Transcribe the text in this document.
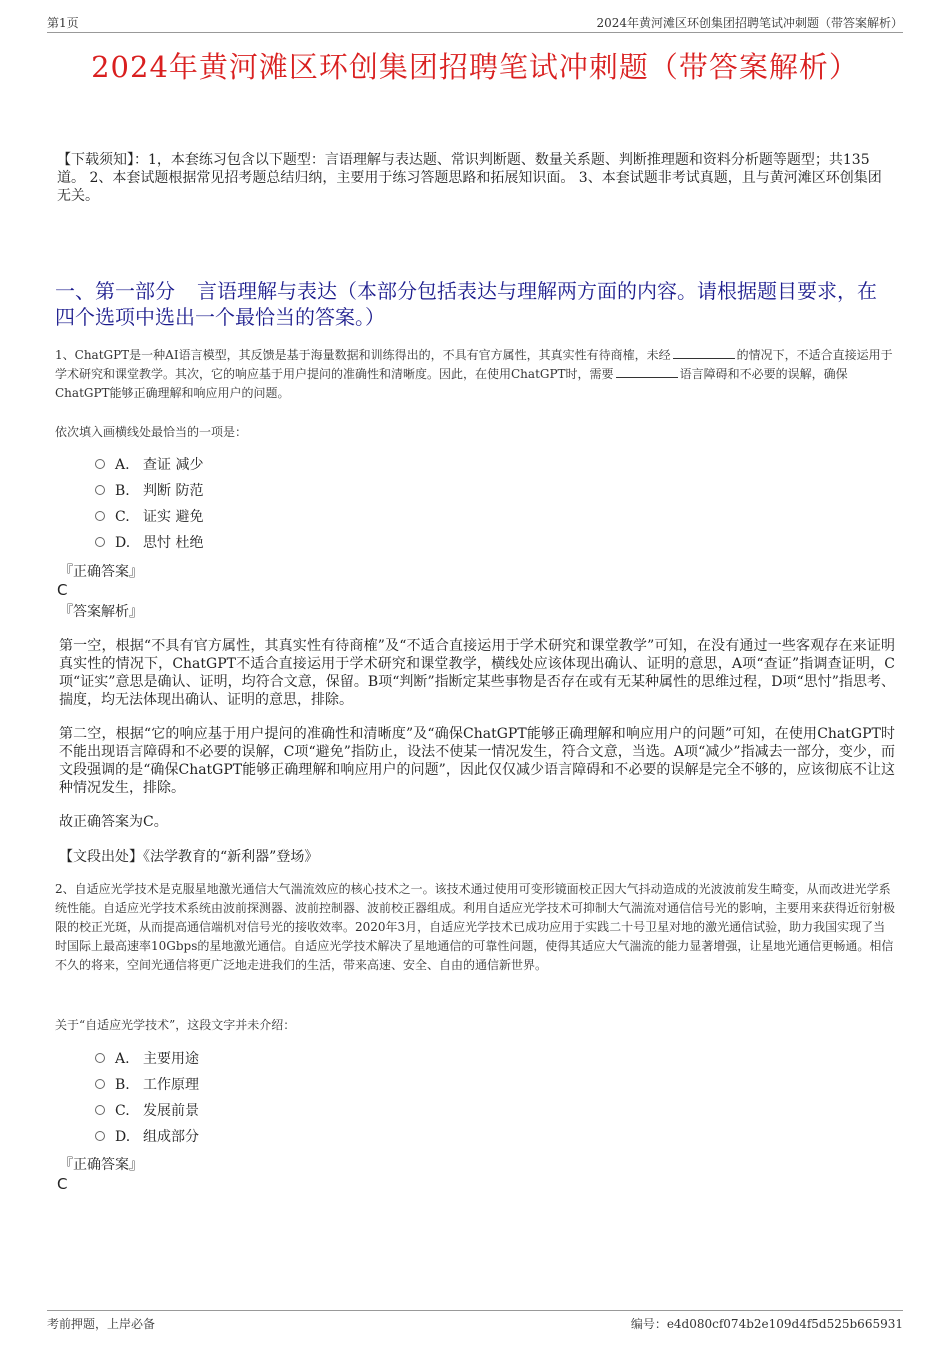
第1页	2024年黄河滩区环创集团招聘笔试冲刺题（带答案解析）
2024年黄河滩区环创集团招聘笔试冲刺题（带答案解析）
【下载须知】：1，本套练习包含以下题型：言语理解与表达题、常识判断题、数量关系题、判断推理题和资料分析题等题型；共135道。 2、本套试题根据常见招考题总结归纳，主要用于练习答题思路和拓展知识面。 3、本套试题非考试真题，且与黄河滩区环创集团无关。
一、第一部分 言语理解与表达（本部分包括表达与理解两方面的内容。请根据题目要求，在四个选项中选出一个最恰当的答案。）
1、ChatGPT是一种AI语言模型，其反馈是基于海量数据和训练得出的，不具有官方属性，其真实性有待商榷，未经	的情况下，不适合直接运用于学术研究和课堂教学。其次，它的响应基于用户提问的准确性和清晰度。因此，在使用ChatGPT时，需要	语言障碍和不必要的误解，确保ChatGPT能够正确理解和响应用户的问题。
依次填入画横线处最恰当的一项是：
A. 查证 减少
B. 判断 防范
C. 证实 避免
D. 思忖 杜绝
『正确答案』
C
『答案解析』
第一空，根据“不具有官方属性，其真实性有待商榷”及“不适合直接运用于学术研究和课堂教学”可知，在没有通过一些客观存在来证明真实性的情况下，ChatGPT不适合直接运用于学术研究和课堂教学，横线处应该体现出确认、证明的意思，A项“查证”指调查证明，C项“证实”意思是确认、证明，均符合文意，保留。B项“判断”指断定某些事物是否存在或有无某种属性的思维过程，D项“思忖”指思考、揣度，均无法体现出确认、证明的意思，排除。
第二空，根据“它的响应基于用户提问的准确性和清晰度”及“确保ChatGPT能够正确理解和响应用户的问题”可知，在使用ChatGPT时不能出现语言障碍和不必要的误解，C项“避免”指防止，设法不使某一情况发生，符合文意，当选。A项“减少”指减去一部分，变少，而文段强调的是“确保ChatGPT能够正确理解和响应用户的问题”，因此仅仅减少语言障碍和不必要的误解是完全不够的，应该彻底不让这种情况发生，排除。
故正确答案为C。
【文段出处】《法学教育的“新利器”登场》
2、自适应光学技术是克服星地激光通信大气湍流效应的核心技术之一。该技术通过使用可变形镜面校正因大气抖动造成的光波波前发生畸变，从而改进光学系统性能。自适应光学技术系统由波前探测器、波前控制器、波前校正器组成。利用自适应光学技术可抑制大气湍流对通信信号光的影响，主要用来获得近衍射极限的校正光斑，从而提高通信端机对信号光的接收效率。2020年3月，自适应光学技术已成功应用于实践二十号卫星对地的激光通信试验，助力我国实现了当时国际上最高速率10Gbps的星地激光通信。自适应光学技术解决了星地通信的可靠性问题，使得其适应大气湍流的能力显著增强，让星地光通信更畅通。相信不久的将来，空间光通信将更广泛地走进我们的生活，带来高速、安全、自由的通信新世界。
关于“自适应光学技术”，这段文字并未介绍：
A. 主要用途
B. 工作原理
C. 发展前景
D. 组成部分
『正确答案』
C
考前押题，上岸必备	编号：e4d080cf074b2e109d4f5d525b665931
